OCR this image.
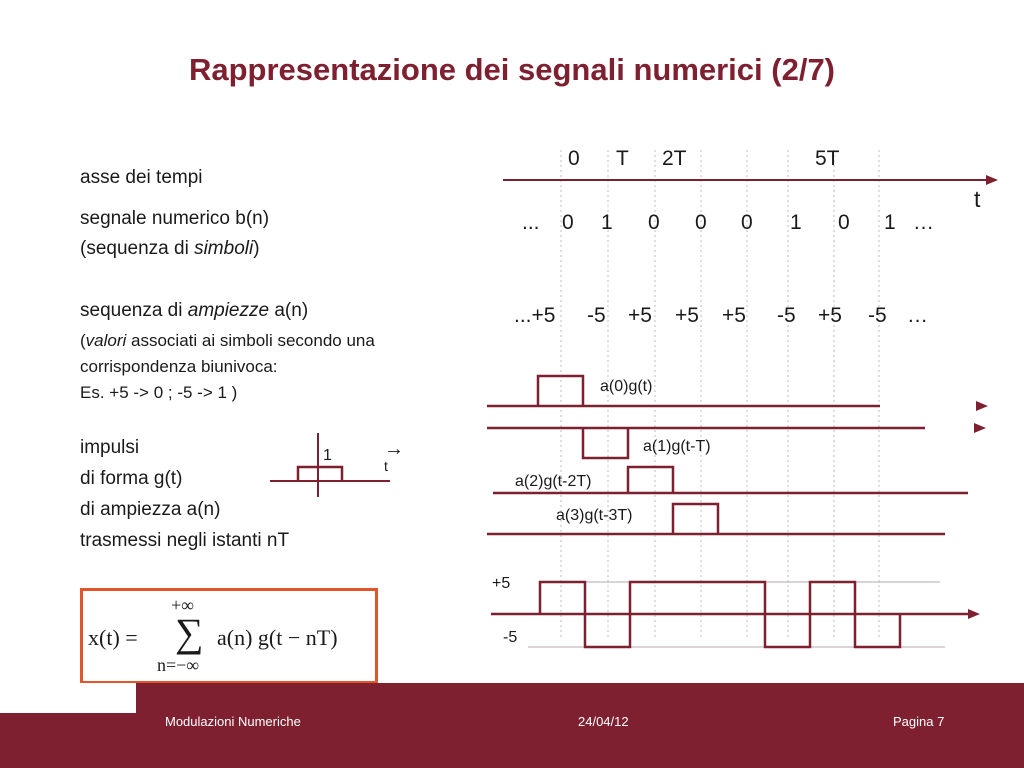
Rappresentazione dei segnali numerici (2/7)
asse dei tempi
segnale numerico b(n)
(sequenza di simboli)
sequenza di ampiezze a(n)
(valori associati ai simboli secondo una
corrispondenza biunivoca:
Es. +5 -> 0 ; -5 -> 1 )
impulsi
di forma g(t)
di ampiezza a(n)
trasmessi negli istanti nT
1	→
t
0 T 2T	5T
t
... 0 1 0 0 0 1 0 1 …
...+5 -5 +5 +5 +5 -5 +5 -5 …
a(0)g(t)
a(1)g(t-T)
a(2)g(t-2T)
a(3)g(t-3T)
+5
-5
x(t) =
+∞
∑
n=−∞
a(n) g(t − nT)
Modulazioni Numeriche	24/04/12	Pagina 7
